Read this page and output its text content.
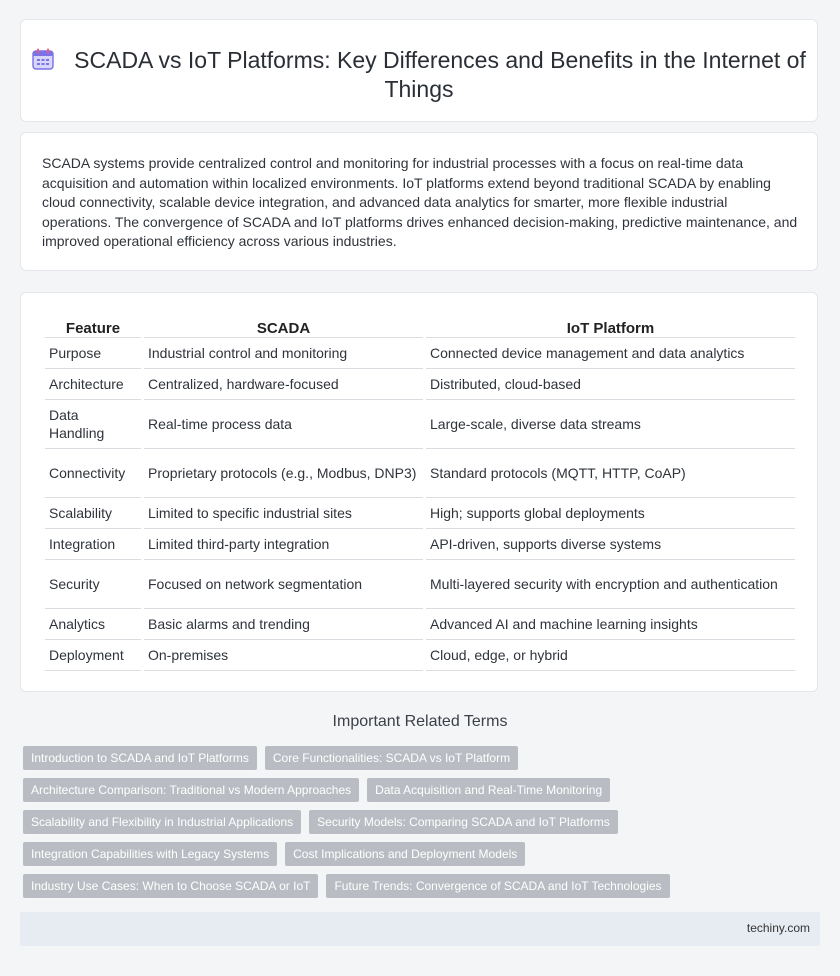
SCADA vs IoT Platforms: Key Differences and Benefits in the Internet of Things

SCADA systems provide centralized control and monitoring for industrial processes with a focus on real-time data acquisition and automation within localized environments. IoT platforms extend beyond traditional SCADA by enabling cloud connectivity, scalable device integration, and advanced data analytics for smarter, more flexible industrial operations. The convergence of SCADA and IoT platforms drives enhanced decision-making, predictive maintenance, and improved operational efficiency across various industries.

Feature	SCADA	IoT Platform
Purpose	Industrial control and monitoring	Connected device management and data analytics
Architecture	Centralized, hardware-focused	Distributed, cloud-based
Data Handling	Real-time process data	Large-scale, diverse data streams
Connectivity	Proprietary protocols (e.g., Modbus, DNP3)	Standard protocols (MQTT, HTTP, CoAP)
Scalability	Limited to specific industrial sites	High; supports global deployments
Integration	Limited third-party integration	API-driven, supports diverse systems
Security	Focused on network segmentation	Multi-layered security with encryption and authentication
Analytics	Basic alarms and trending	Advanced AI and machine learning insights
Deployment	On-premises	Cloud, edge, or hybrid
Important Related Terms
Introduction to SCADA and IoT Platforms	Core Functionalities: SCADA vs IoT Platform
Architecture Comparison: Traditional vs Modern Approaches	Data Acquisition and Real-Time Monitoring
Scalability and Flexibility in Industrial Applications	Security Models: Comparing SCADA and IoT Platforms
Integration Capabilities with Legacy Systems	Cost Implications and Deployment Models
Industry Use Cases: When to Choose SCADA or IoT	Future Trends: Convergence of SCADA and IoT Technologies
techiny.com
